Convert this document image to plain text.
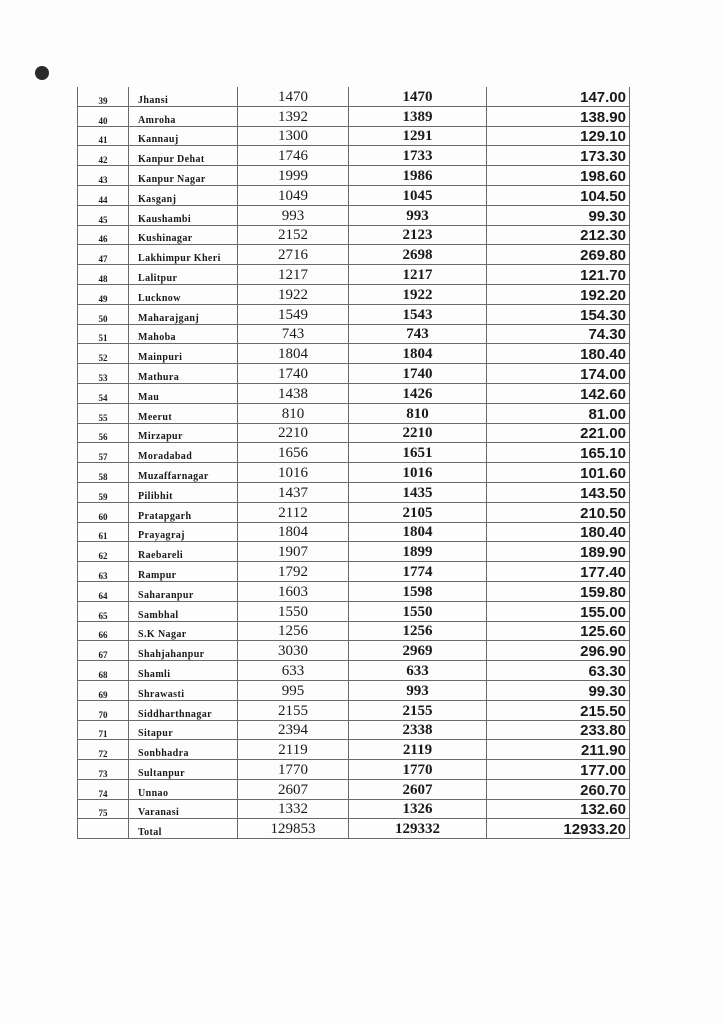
39	Jhansi	1470	1470	147.00
40	Amroha	1392	1389	138.90
41	Kannauj	1300	1291	129.10
42	Kanpur Dehat	1746	1733	173.30
43	Kanpur Nagar	1999	1986	198.60
44	Kasganj	1049	1045	104.50
45	Kaushambi	993	993	99.30
46	Kushinagar	2152	2123	212.30
47	Lakhimpur Kheri	2716	2698	269.80
48	Lalitpur	1217	1217	121.70
49	Lucknow	1922	1922	192.20
50	Maharajganj	1549	1543	154.30
51	Mahoba	743	743	74.30
52	Mainpuri	1804	1804	180.40
53	Mathura	1740	1740	174.00
54	Mau	1438	1426	142.60
55	Meerut	810	810	81.00
56	Mirzapur	2210	2210	221.00
57	Moradabad	1656	1651	165.10
58	Muzaffarnagar	1016	1016	101.60
59	Pilibhit	1437	1435	143.50
60	Pratapgarh	2112	2105	210.50
61	Prayagraj	1804	1804	180.40
62	Raebareli	1907	1899	189.90
63	Rampur	1792	1774	177.40
64	Saharanpur	1603	1598	159.80
65	Sambhal	1550	1550	155.00
66	S.K Nagar	1256	1256	125.60
67	Shahjahanpur	3030	2969	296.90
68	Shamli	633	633	63.30
69	Shrawasti	995	993	99.30
70	Siddharthnagar	2155	2155	215.50
71	Sitapur	2394	2338	233.80
72	Sonbhadra	2119	2119	211.90
73	Sultanpur	1770	1770	177.00
74	Unnao	2607	2607	260.70
75	Varanasi	1332	1326	132.60
	Total	129853	129332	12933.20
